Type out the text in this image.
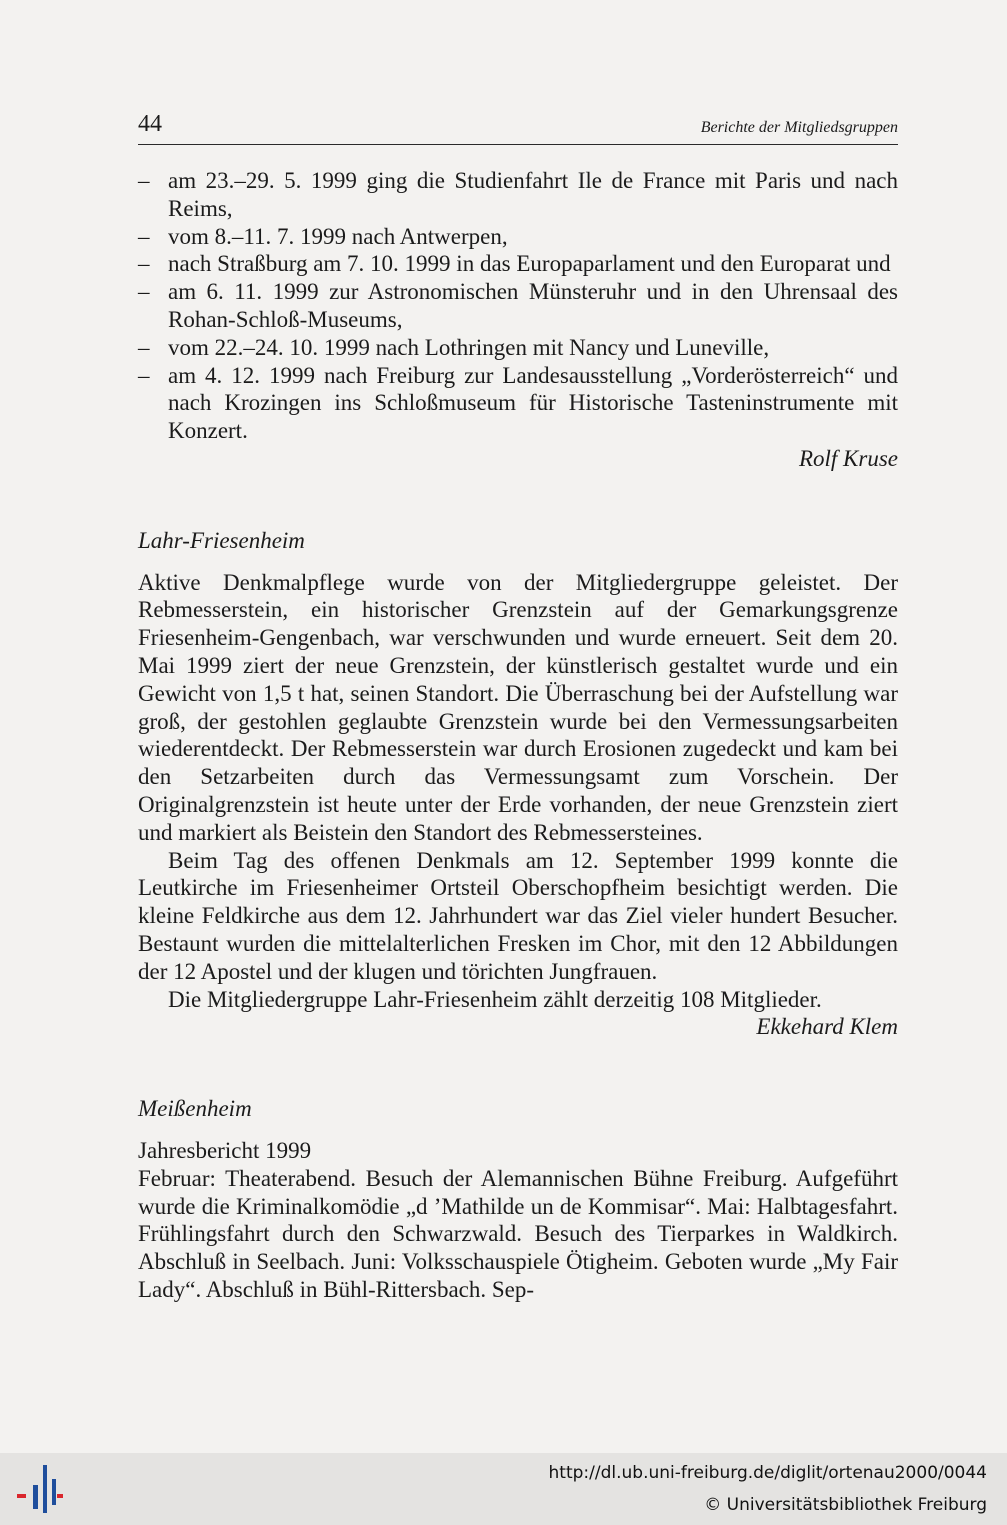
44	Berichte der Mitgliedsgruppen
– am 23.–29. 5. 1999 ging die Studienfahrt Ile de France mit Paris und nach Reims,
– vom 8.–11. 7. 1999 nach Antwerpen,
– nach Straßburg am 7. 10. 1999 in das Europaparlament und den Europarat und
– am 6. 11. 1999 zur Astronomischen Münsteruhr und in den Uhrensaal des Rohan-Schloß-Museums,
– vom 22.–24. 10. 1999 nach Lothringen mit Nancy und Luneville,
– am 4. 12. 1999 nach Freiburg zur Landesausstellung „Vorderösterreich“ und nach Krozingen ins Schloßmuseum für Historische Tasteninstrumente mit Konzert.
Rolf Kruse
Lahr-Friesenheim

Aktive Denkmalpflege wurde von der Mitgliedergruppe geleistet. Der Rebmesserstein, ein historischer Grenzstein auf der Gemarkungsgrenze Friesenheim-Gengenbach, war verschwunden und wurde erneuert. Seit dem 20. Mai 1999 ziert der neue Grenzstein, der künstlerisch gestaltet wurde und ein Gewicht von 1,5 t hat, seinen Standort. Die Überraschung bei der Aufstellung war groß, der gestohlen geglaubte Grenzstein wurde bei den Vermessungsarbeiten wiederentdeckt. Der Rebmesserstein war durch Erosionen zugedeckt und kam bei den Setzarbeiten durch das Vermessungsamt zum Vorschein. Der Originalgrenzstein ist heute unter der Erde vorhanden, der neue Grenzstein ziert und markiert als Beistein den Standort des Rebmessersteines.

Beim Tag des offenen Denkmals am 12. September 1999 konnte die Leutkirche im Friesenheimer Ortsteil Oberschopfheim besichtigt werden. Die kleine Feldkirche aus dem 12. Jahrhundert war das Ziel vieler hundert Besucher. Bestaunt wurden die mittelalterlichen Fresken im Chor, mit den 12 Abbildungen der 12 Apostel und der klugen und törichten Jungfrauen.

Die Mitgliedergruppe Lahr-Friesenheim zählt derzeitig 108 Mitglieder.

Ekkehard Klem
Meißenheim

Jahresbericht 1999

Februar: Theaterabend. Besuch der Alemannischen Bühne Freiburg. Aufgeführt wurde die Kriminalkomödie „d ’Mathilde un de Kommisar“. Mai: Halbtagesfahrt. Frühlingsfahrt durch den Schwarzwald. Besuch des Tierparkes in Waldkirch. Abschluß in Seelbach. Juni: Volksschauspiele Ötigheim. Geboten wurde „My Fair Lady“. Abschluß in Bühl-Rittersbach. Sep-

http://dl.ub.uni-freiburg.de/diglit/ortenau2000/0044
© Universitätsbibliothek Freiburg
